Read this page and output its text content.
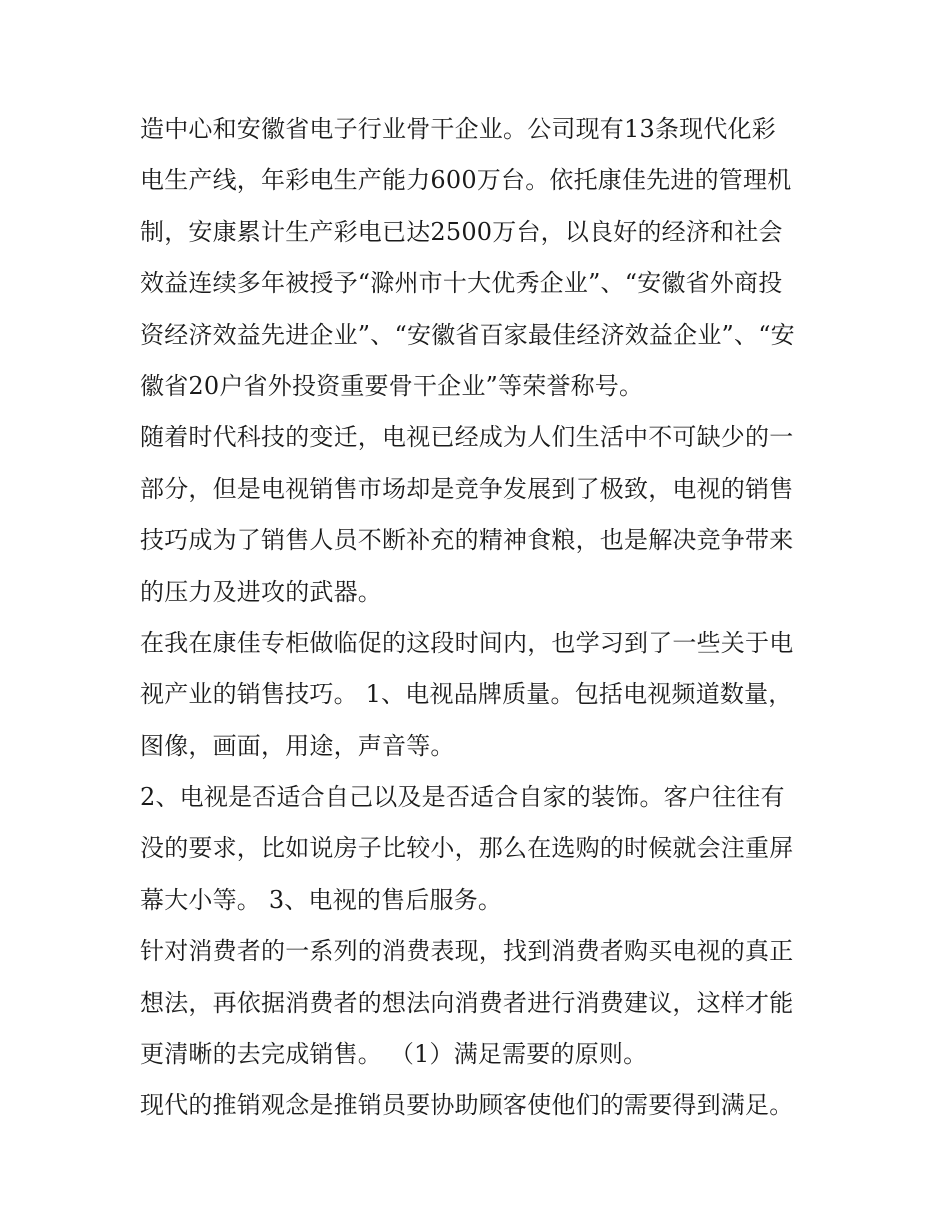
造中心和安徽省电子行业骨干企业。公司现有13条现代化彩
电生产线，年彩电生产能力600万台。依托康佳先进的管理机
制，安康累计生产彩电已达2500万台，以良好的经济和社会
效益连续多年被授予“滁州市十大优秀企业”、“安徽省外商投
资经济效益先进企业”、“安徽省百家最佳经济效益企业”、“安
徽省20户省外投资重要骨干企业”等荣誉称号。
随着时代科技的变迁，电视已经成为人们生活中不可缺少的一
部分，但是电视销售市场却是竞争发展到了极致，电视的销售
技巧成为了销售人员不断补充的精神食粮，也是解决竞争带来
的压力及进攻的武器。
在我在康佳专柜做临促的这段时间内，也学习到了一些关于电
视产业的销售技巧。 1、电视品牌质量。包括电视频道数量，
图像，画面，用途，声音等。
2、电视是否适合自己以及是否适合自家的装饰。客户往往有
没的要求，比如说房子比较小，那么在选购的时候就会注重屏
幕大小等。 3、电视的售后服务。
针对消费者的一系列的消费表现，找到消费者购买电视的真正
想法，再依据消费者的想法向消费者进行消费建议，这样才能
更清晰的去完成销售。 （1）满足需要的原则。
现代的推销观念是推销员要协助顾客使他们的需要得到满足。
